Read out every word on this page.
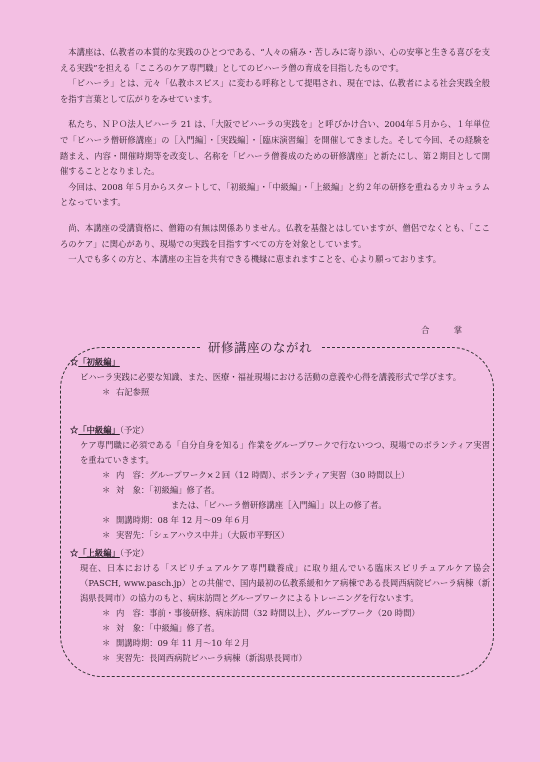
本講座は、仏教者の本質的な実践のひとつである、“人々の痛み・苦しみに寄り添い、心の安寧と生きる喜びを支える実践”を担える「こころのケア専門職」としてのビハーラ僧の育成を目指したものです。

「ビハーラ」とは、元々「仏教ホスピス」に変わる呼称として提唱され、現在では、仏教者による社会実践全般を指す言葉として広がりをみせています。

私たち、ＮＰＯ法人ビハーラ 21 は、「大阪でビハーラの実践を」と呼びかけ合い、2004年５月から、１年単位で「ビハーラ僧研修講座」の［入門編］・［実践編］・［臨床演習編］を開催してきました。そして今回、その経験を踏まえ、内容・開催時期等を改変し、名称を「ビハーラ僧養成のための研修講座」と新たにし、第２期目として開催することとなりました。

今回は、2008 年５月からスタートして、「初級編」・「中級編」・「上級編」と約２年の研修を重ねるカリキュラムとなっています。

尚、本講座の受講資格に、僧籍の有無は関係ありません。仏教を基盤とはしていますが、僧侶でなくとも、「こころのケア」に関心があり、現場での実践を目指すすべての方を対象としています。

一人でも多くの方と、本講座の主旨を共有できる機縁に恵まれますことを、心より願っております。

合　掌
研修講座のながれ
☆「初級編」
ビハーラ実践に必要な知識、また、医療・福祉現場における活動の意義や心得を講義形式で学びます。
＊ 右記参照
☆「中級編」（予定）
ケア専門職に必須である「自分自身を知る」作業をグループワークで行ないつつ、現場でのボランティア実習を重ねていきます。
＊ 内　容：グループワーク×２回（12 時間）、ボランティア実習（30 時間以上）
＊ 対　象：「初級編」修了者。
または、「ビハーラ僧研修講座［入門編］」以上の修了者。
＊ 開講時期：08 年 12 月～09 年６月
＊ 実習先：「シェアハウス中井」（大阪市平野区）
☆「上級編」（予定）
現在、日本における「スピリチュアルケア専門職養成」に取り組んでいる臨床スピリチュアルケア協会（PASCH, www.pasch.jp）との共催で、国内最初の仏教系緩和ケア病棟である長岡西病院ビハーラ病棟（新潟県長岡市）の協力のもと、病床訪問とグループワークによるトレーニングを行ないます。
＊ 内　容：事前・事後研修、病床訪問（32 時間以上）、グループワーク（20 時間）
＊ 対　象：「中級編」修了者。
＊ 開講時期：09 年 11 月～10 年２月
＊ 実習先：長岡西病院ビハーラ病棟（新潟県長岡市）
